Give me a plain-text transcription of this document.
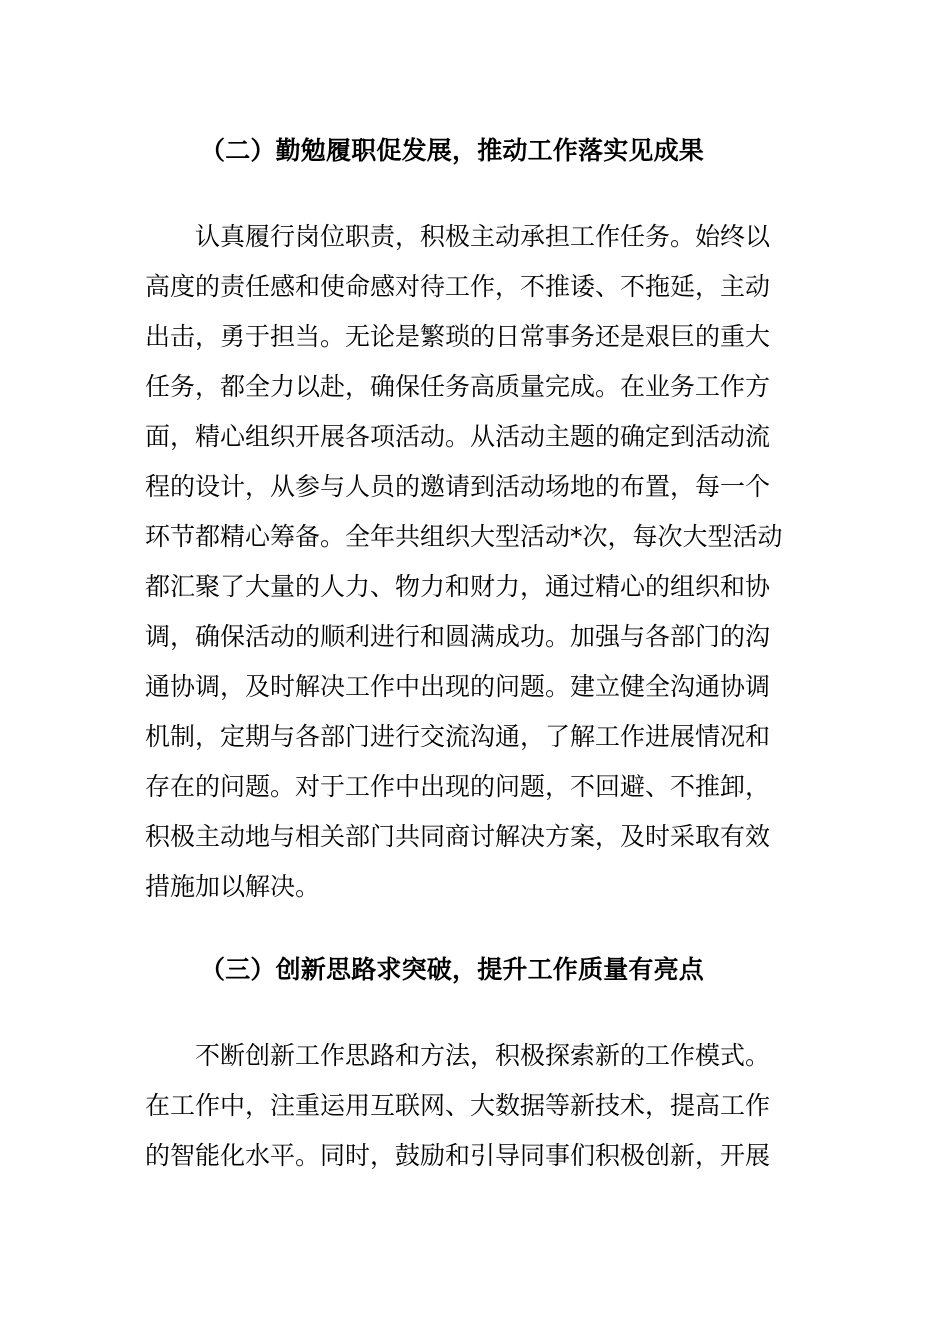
（二）勤勉履职促发展，推动工作落实见成果
认真履行岗位职责，积极主动承担工作任务。始终以
高度的责任感和使命感对待工作，不推诿、不拖延，主动
出击，勇于担当。无论是繁琐的日常事务还是艰巨的重大
任务，都全力以赴，确保任务高质量完成。在业务工作方
面，精心组织开展各项活动。从活动主题的确定到活动流
程的设计，从参与人员的邀请到活动场地的布置，每一个
环节都精心筹备。全年共组织大型活动*次，每次大型活动
都汇聚了大量的人力、物力和财力，通过精心的组织和协
调，确保活动的顺利进行和圆满成功。加强与各部门的沟
通协调，及时解决工作中出现的问题。建立健全沟通协调
机制，定期与各部门进行交流沟通，了解工作进展情况和
存在的问题。对于工作中出现的问题，不回避、不推卸，
积极主动地与相关部门共同商讨解决方案，及时采取有效
措施加以解决。
（三）创新思路求突破，提升工作质量有亮点
不断创新工作思路和方法，积极探索新的工作模式。
在工作中，注重运用互联网、大数据等新技术，提高工作
的智能化水平。同时，鼓励和引导同事们积极创新，开展
